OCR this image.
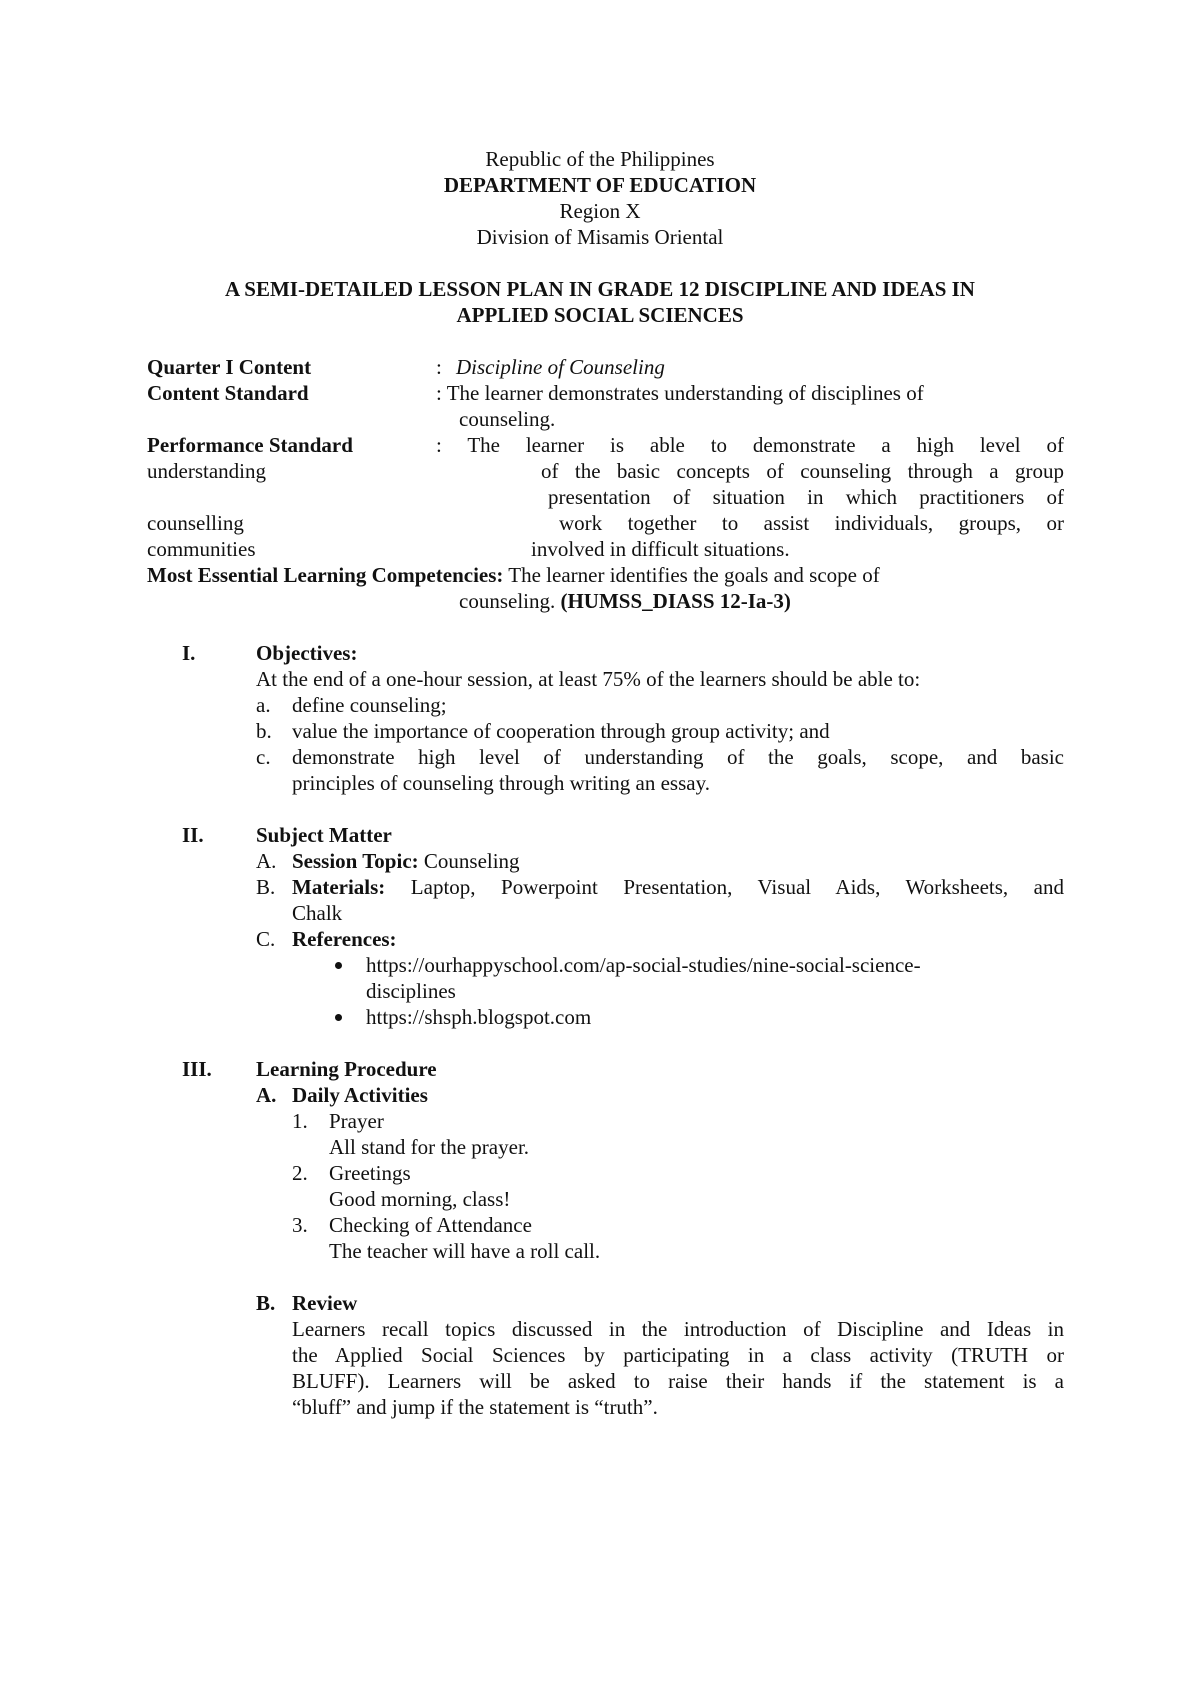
Republic of the Philippines
DEPARTMENT OF EDUCATION
Region X
Division of Misamis Oriental
A SEMI-DETAILED LESSON PLAN IN GRADE 12 DISCIPLINE AND IDEAS IN
APPLIED SOCIAL SCIENCES
Quarter I Content	: Discipline of Counseling
Content Standard	: The learner demonstrates understanding of disciplines of
counseling.
Performance Standard	: The learner is able to demonstrate a high level of
understanding	of the basic concepts of counseling through a group
presentation of situation in which practitioners of
counselling	work together to assist individuals, groups, or
communities	involved in difficult situations.
Most Essential Learning Competencies: The learner identifies the goals and scope of
counseling. (HUMSS_DIASS 12-Ia-3)
I.	Objectives:
At the end of a one-hour session, at least 75% of the learners should be able to:
a. define counseling;
b. value the importance of cooperation through group activity; and
c. demonstrate high level of understanding of the goals, scope, and basic
principles of counseling through writing an essay.
II. Subject Matter
A. Session Topic: Counseling
B. Materials: Laptop, Powerpoint Presentation, Visual Aids, Worksheets, and
Chalk
C. References:
https://ourhappyschool.com/ap-social-studies/nine-social-science-
disciplines
https://shsph.blogspot.com
III. Learning Procedure
A. Daily Activities
1. Prayer
All stand for the prayer.
2. Greetings
Good morning, class!
3. Checking of Attendance
The teacher will have a roll call.
B. Review
Learners recall topics discussed in the introduction of Discipline and Ideas in
the Applied Social Sciences by participating in a class activity (TRUTH or
BLUFF). Learners will be asked to raise their hands if the statement is a
“bluff” and jump if the statement is “truth”.
